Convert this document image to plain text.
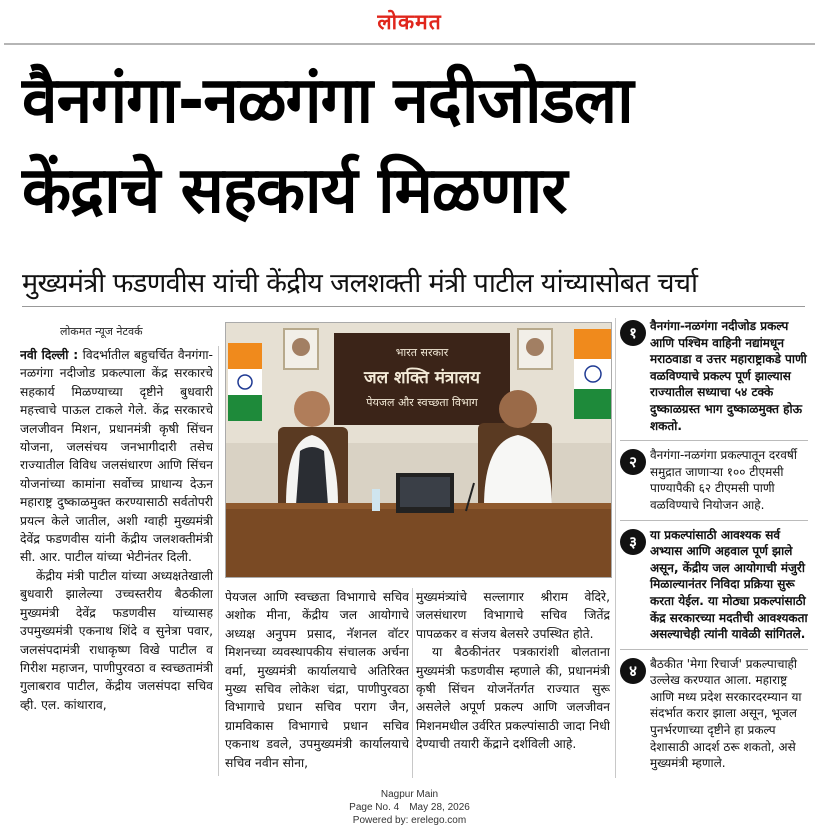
लोकमत
वैनगंगा-नळगंगा नदीजोडला
केंद्राचे सहकार्य मिळणार
मुख्यमंत्री फडणवीस यांची केंद्रीय जलशक्ती मंत्री पाटील यांच्यासोबत चर्चा
लोकमत न्यूज नेटवर्क

नवी दिल्ली : विदर्भातील बहुचर्चित वैनगंगा-नळगंगा नदीजोड प्रकल्पाला केंद्र सरकारचे सहकार्य मिळण्याच्या दृष्टीने बुधवारी महत्त्वाचे पाऊल टाकले गेले. केंद्र सरकारचे जलजीवन मिशन, प्रधानमंत्री कृषी सिंचन योजना, जलसंचय जनभागीदारी तसेच राज्यातील विविध जलसंधारण आणि सिंचन योजनांच्या कामांना सर्वोच्च प्राधान्य देऊन महाराष्ट्र दुष्काळमुक्त करण्यासाठी सर्वतोपरी प्रयत्न केले जातील, अशी ग्वाही मुख्यमंत्री देवेंद्र फडणवीस यांनी केंद्रीय जलशक्तीमंत्री सी. आर. पाटील यांच्या भेटीनंतर दिली.

केंद्रीय मंत्री पाटील यांच्या अध्यक्षतेखाली बुधवारी झालेल्या उच्चस्तरीय बैठकीला मुख्यमंत्री देवेंद्र फडणवीस यांच्यासह उपमुख्यमंत्री एकनाथ शिंदे व सुनेत्रा पवार, जलसंपदामंत्री राधाकृष्ण विखे पाटील व गिरीश महाजन, पाणीपुरवठा व स्वच्छतामंत्री गुलाबराव पाटील, केंद्रीय जलसंपदा सचिव व्ही. एल. कांथाराव,

भारत सरकार
जल शक्ति मंत्रालय
पेयजल और स्वच्छता विभाग

पेयजल आणि स्वच्छता विभागाचे सचिव अशोक मीना, केंद्रीय जल आयोगाचे अध्यक्ष अनुपम प्रसाद, नॅशनल वॉटर मिशनच्या व्यवस्थापकीय संचालक अर्चना वर्मा, मुख्यमंत्री कार्यालयाचे अतिरिक्त मुख्य सचिव लोकेश चंद्रा, पाणीपुरवठा विभागाचे प्रधान सचिव पराग जैन, ग्रामविकास विभागाचे प्रधान सचिव एकनाथ डवले, उपमुख्यमंत्री कार्यालयाचे सचिव नवीन सोना,

मुख्यमंत्र्यांचे सल्लागार श्रीराम वेदिरे, जलसंधारण विभागाचे सचिव जितेंद्र पापळकर व संजय बेलसरे उपस्थित होते.

या बैठकीनंतर पत्रकारांशी बोलताना मुख्यमंत्री फडणवीस म्हणाले की, प्रधानमंत्री कृषी सिंचन योजनेंतर्गत राज्यात सुरू असलेले अपूर्ण प्रकल्प आणि जलजीवन मिशनमधील उर्वरित प्रकल्पांसाठी जादा निधी देण्याची तयारी केंद्राने दर्शविली आहे.

१	वैनगंगा-नळगंगा नदीजोड प्रकल्प आणि पश्चिम वाहिनी नद्यांमधून मराठवाडा व उत्तर महाराष्ट्राकडे पाणी वळविण्याचे प्रकल्प पूर्ण झाल्यास राज्यातील सध्याचा ५४ टक्के दुष्काळग्रस्त भाग दुष्काळमुक्त होऊ शकतो.
२	वैनगंगा-नळगंगा प्रकल्पातून दरवर्षी समुद्रात जाणाऱ्या १०० टीएमसी पाण्यापैकी ६२ टीएमसी पाणी वळविण्याचे नियोजन आहे.
३	या प्रकल्पांसाठी आवश्यक सर्व अभ्यास आणि अहवाल पूर्ण झाले असून, केंद्रीय जल आयोगाची मंजुरी मिळाल्यानंतर निविदा प्रक्रिया सुरू करता येईल. या मोठ्या प्रकल्पांसाठी केंद्र सरकारच्या मदतीची आवश्यकता असल्याचेही त्यांनी यावेळी सांगितले.
४	बैठकीत 'मेगा रिचार्ज' प्रकल्पाचाही उल्लेख करण्यात आला. महाराष्ट्र आणि मध्य प्रदेश सरकारदरम्यान या संदर्भात करार झाला असून, भूजल पुनर्भरणाच्या दृष्टीने हा प्रकल्प देशासाठी आदर्श ठरू शकतो, असे मुख्यमंत्री म्हणाले.
Nagpur Main
Page No. 4 May 28, 2026
Powered by: erelego.com
